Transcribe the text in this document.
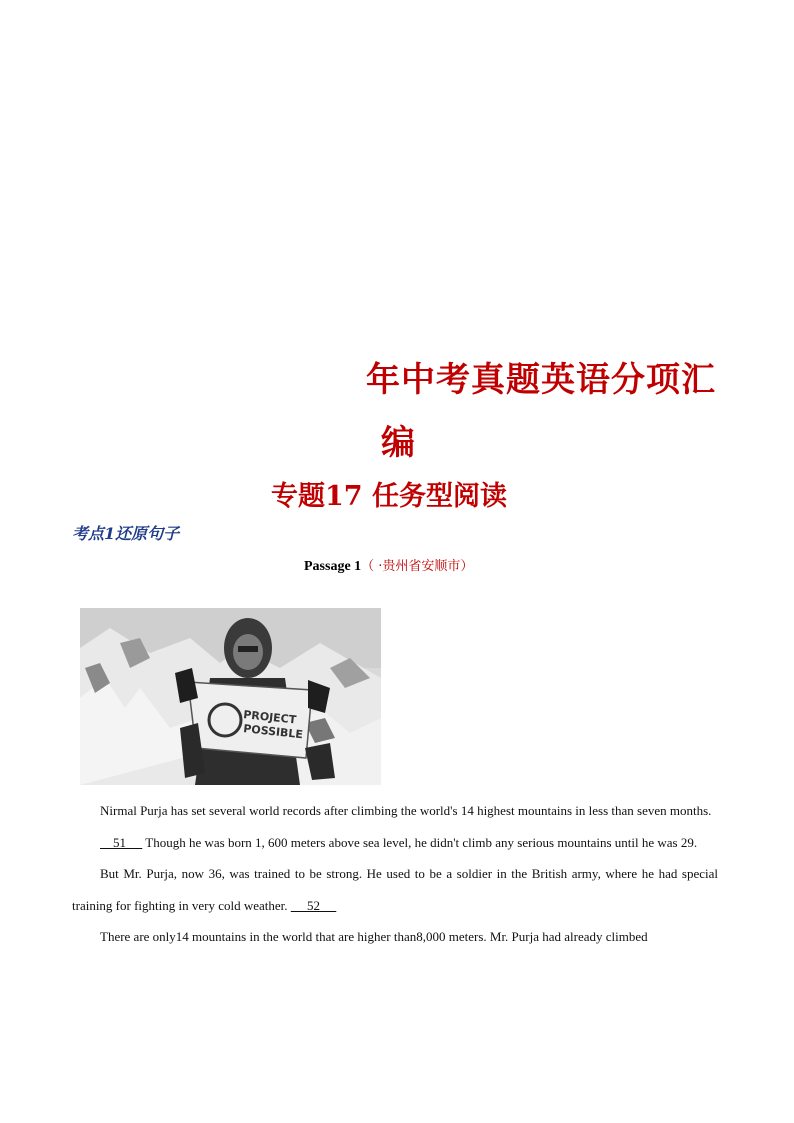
年中考真题英语分项汇
编
专题17 任务型阅读
考点1还原句子
Passage 1（ ·贵州省安顺市）
PROJECT
POSSIBLE

Nirmal Purja has set several world records after climbing the world's 14 highest mountains in less than seven months.

51      Though he was born 1, 600 meters above sea level, he didn't climb any serious mountains until he was 29.

But Mr. Purja, now 36, was trained to be strong. He used to be a soldier in the British army, where he had special training for fighting in very cold weather.      52

There are only14 mountains in the world that are higher than8,000 meters. Mr. Purja had already climbed
